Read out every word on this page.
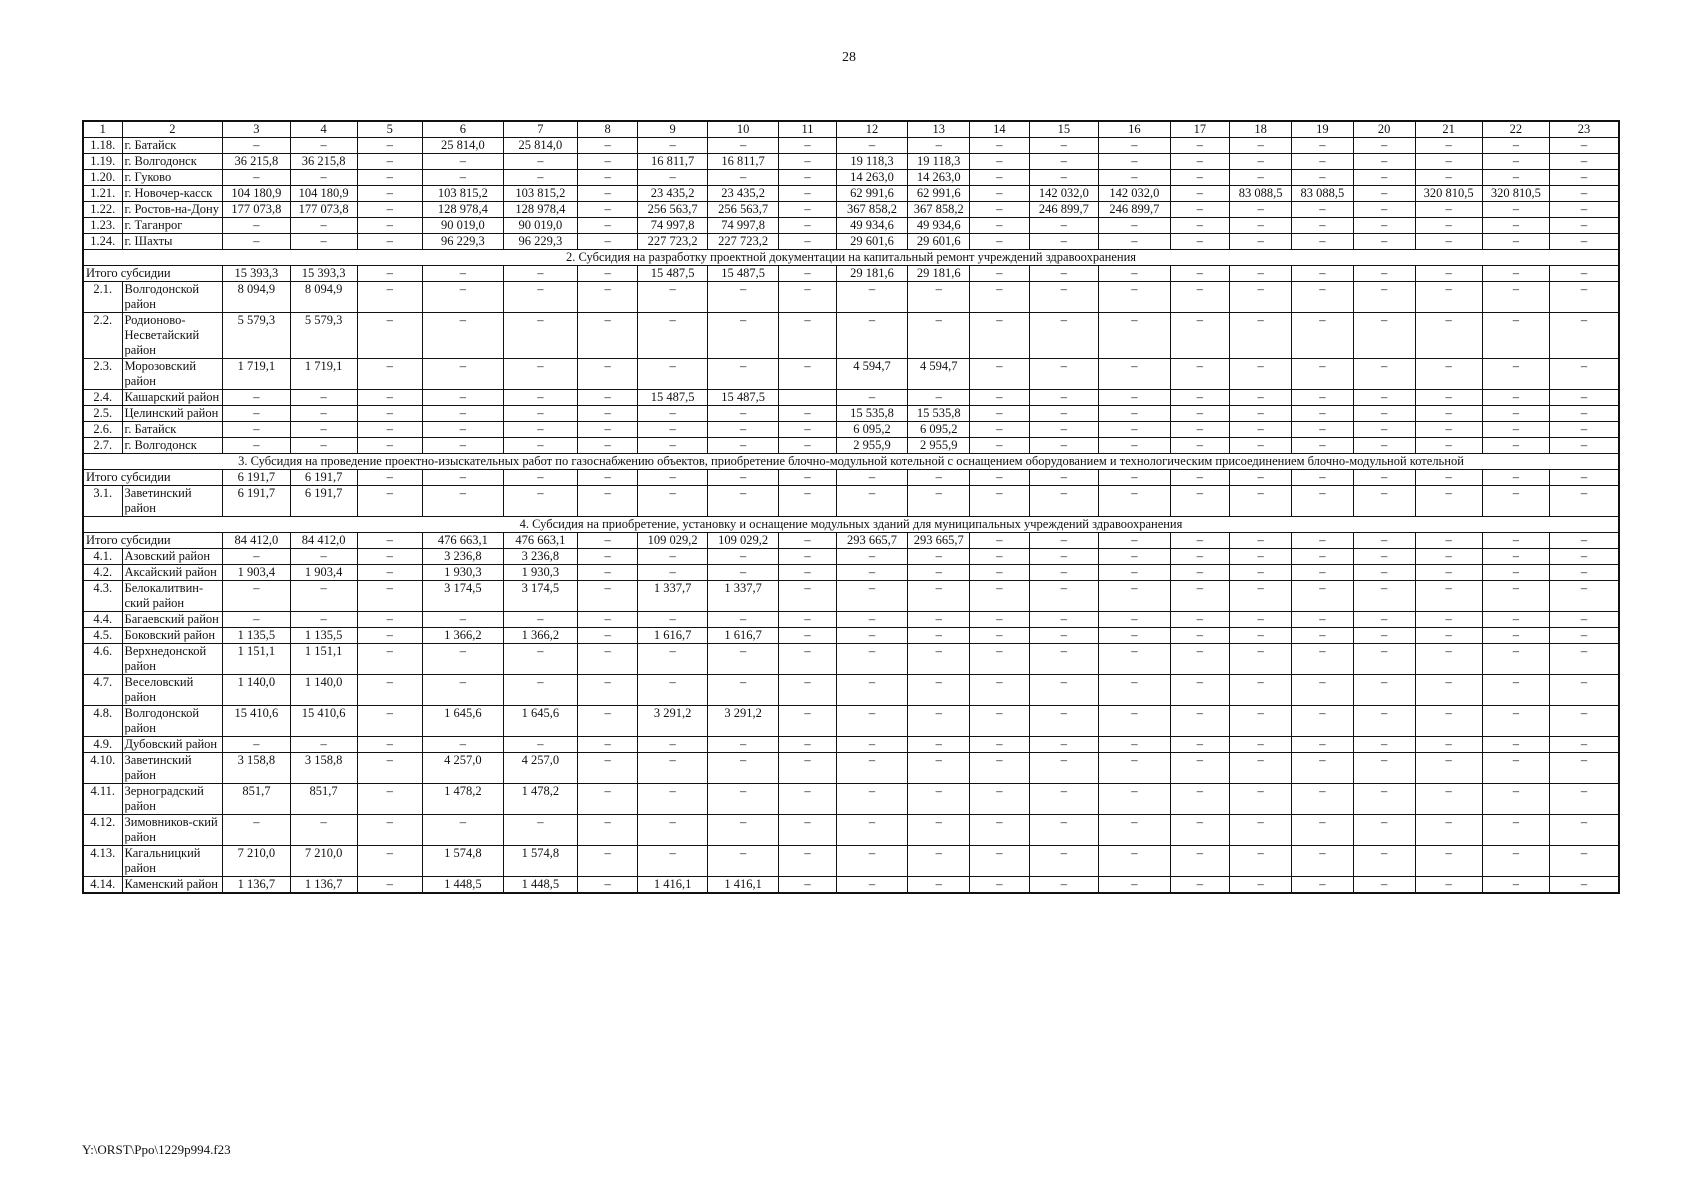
28
1	2	3	4	5	6	7	8	9	10	11	12	13	14	15	16	17	18	19	20	21	22	23
1.18.	г. Батайск	–	–	–	25 814,0	25 814,0	–	–	–	–	–	–	–	–	–	–	–	–	–	–	–	–
1.19.	г. Волгодонск	36 215,8	36 215,8	–	–	–	–	16 811,7	16 811,7	–	19 118,3	19 118,3	–	–	–	–	–	–	–	–	–	–
1.20.	г. Гуково	–	–	–	–	–	–	–	–	–	14 263,0	14 263,0	–	–	–	–	–	–	–	–	–	–
1.21.	г. Новочер-касск	104 180,9	104 180,9	–	103 815,2	103 815,2	–	23 435,2	23 435,2	–	62 991,6	62 991,6	–	142 032,0	142 032,0	–	83 088,5	83 088,5	–	320 810,5	320 810,5	–
1.22.	г. Ростов-на-Дону	177 073,8	177 073,8	–	128 978,4	128 978,4	–	256 563,7	256 563,7	–	367 858,2	367 858,2	–	246 899,7	246 899,7	–	–	–	–	–	–	–
1.23.	г. Таганрог	–	–	–	90 019,0	90 019,0	–	74 997,8	74 997,8	–	49 934,6	49 934,6	–	–	–	–	–	–	–	–	–	–
1.24.	г. Шахты	–	–	–	96 229,3	96 229,3	–	227 723,2	227 723,2	–	29 601,6	29 601,6	–	–	–	–	–	–	–	–	–	–
2. Субсидия на разработку проектной документации на капитальный ремонт учреждений здравоохранения																						
Итого субсидии		15 393,3	15 393,3	–	–	–	–	15 487,5	15 487,5	–	29 181,6	29 181,6	–	–	–	–	–	–	–	–	–	–
2.1.	Волгодонской район	8 094,9	8 094,9	–	–	–	–	–	–	–	–	–	–	–	–	–	–	–	–	–	–	–
2.2.	Родионово-Несветайский район	5 579,3	5 579,3	–	–	–	–	–	–	–	–	–	–	–	–	–	–	–	–	–	–	–
2.3.	Морозовский район	1 719,1	1 719,1	–	–	–	–	–	–	–	4 594,7	4 594,7	–	–	–	–	–	–	–	–	–	–
2.4.	Кашарский район	–	–	–	–	–	–	15 487,5	15 487,5		–	–	–	–	–	–	–	–	–	–	–	–
2.5.	Целинский район	–	–	–	–	–	–	–	–	–	15 535,8	15 535,8	–	–	–	–	–	–	–	–	–	–
2.6.	г. Батайск	–	–	–	–	–	–	–	–	–	6 095,2	6 095,2	–	–	–	–	–	–	–	–	–	–
2.7.	г. Волгодонск	–	–	–	–	–	–	–	–	–	2 955,9	2 955,9	–	–	–	–	–	–	–	–	–	–
3. Субсидия на проведение проектно-изыскательных работ по газоснабжению объектов, приобретение блочно-модульной котельной с оснащением оборудованием и технологическим присоединением блочно-модульной котельной																						
Итого субсидии		6 191,7	6 191,7	–	–	–	–	–	–	–	–	–	–	–	–	–	–	–	–	–	–	–
3.1.	Заветинский район	6 191,7	6 191,7	–	–	–	–	–	–	–	–	–	–	–	–	–	–	–	–	–	–	–
4. Субсидия на приобретение, установку и оснащение модульных зданий для муниципальных учреждений здравоохранения																						
Итого субсидии		84 412,0	84 412,0	–	476 663,1	476 663,1	–	109 029,2	109 029,2	–	293 665,7	293 665,7	–	–	–	–	–	–	–	–	–	–
4.1.	Азовский район	–	–	–	3 236,8	3 236,8	–	–	–	–	–	–	–	–	–	–	–	–	–	–	–	–
4.2.	Аксайский район	1 903,4	1 903,4	–	1 930,3	1 930,3	–	–	–	–	–	–	–	–	–	–	–	–	–	–	–	–
4.3.	Белокалитвин-ский район	–	–	–	3 174,5	3 174,5	–	1 337,7	1 337,7	–	–	–	–	–	–	–	–	–	–	–	–	–
4.4.	Багаевский район	–	–	–	–	–	–	–	–	–	–	–	–	–	–	–	–	–	–	–	–	–
4.5.	Боковский район	1 135,5	1 135,5	–	1 366,2	1 366,2	–	1 616,7	1 616,7	–	–	–	–	–	–	–	–	–	–	–	–	–
4.6.	Верхнедонской район	1 151,1	1 151,1	–	–	–	–	–	–	–	–	–	–	–	–	–	–	–	–	–	–	–
4.7.	Веселовский район	1 140,0	1 140,0	–	–	–	–	–	–	–	–	–	–	–	–	–	–	–	–	–	–	–
4.8.	Волгодонской район	15 410,6	15 410,6	–	1 645,6	1 645,6	–	3 291,2	3 291,2	–	–	–	–	–	–	–	–	–	–	–	–	–
4.9.	Дубовский район	–	–	–	–	–	–	–	–	–	–	–	–	–	–	–	–	–	–	–	–	–
4.10.	Заветинский район	3 158,8	3 158,8	–	4 257,0	4 257,0	–	–	–	–	–	–	–	–	–	–	–	–	–	–	–	–
4.11.	Зерноградский район	851,7	851,7	–	1 478,2	1 478,2	–	–	–	–	–	–	–	–	–	–	–	–	–	–	–	–
4.12.	Зимовников-ский район	–	–	–	–	–	–	–	–	–	–	–	–	–	–	–	–	–	–	–	–	–
4.13.	Кагальницкий район	7 210,0	7 210,0	–	1 574,8	1 574,8	–	–	–	–	–	–	–	–	–	–	–	–	–	–	–	–
4.14.	Каменский район	1 136,7	1 136,7	–	1 448,5	1 448,5	–	1 416,1	1 416,1	–	–	–	–	–	–	–	–	–	–	–	–	–
Y:\ORST\Ppo\1229p994.f23
